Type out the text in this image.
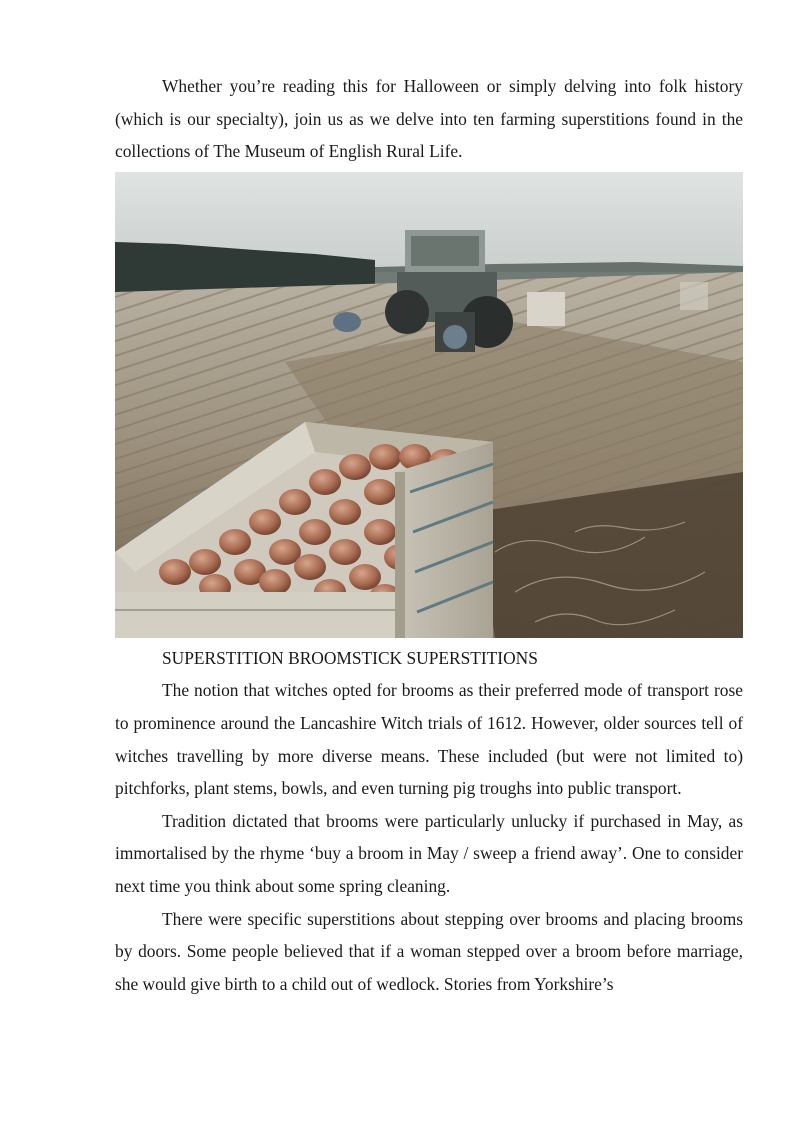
Whether you’re reading this for Halloween or simply delving into folk history (which is our specialty), join us as we delve into ten farming superstitions found in the collections of The Museum of English Rural Life.

SUPERSTITION BROOMSTICK SUPERSTITIONS

The notion that witches opted for brooms as their preferred mode of transport rose to prominence around the Lancashire Witch trials of 1612. However, older sources tell of witches travelling by more diverse means. These included (but were not limited to) pitchforks, plant stems, bowls, and even turning pig troughs into public transport.

Tradition dictated that brooms were particularly unlucky if purchased in May, as immortalised by the rhyme ‘buy a broom in May / sweep a friend away’. One to consider next time you think about some spring cleaning.

There were specific superstitions about stepping over brooms and placing brooms by doors. Some people believed that if a woman stepped over a broom before marriage, she would give birth to a child out of wedlock. Stories from Yorkshire’s
